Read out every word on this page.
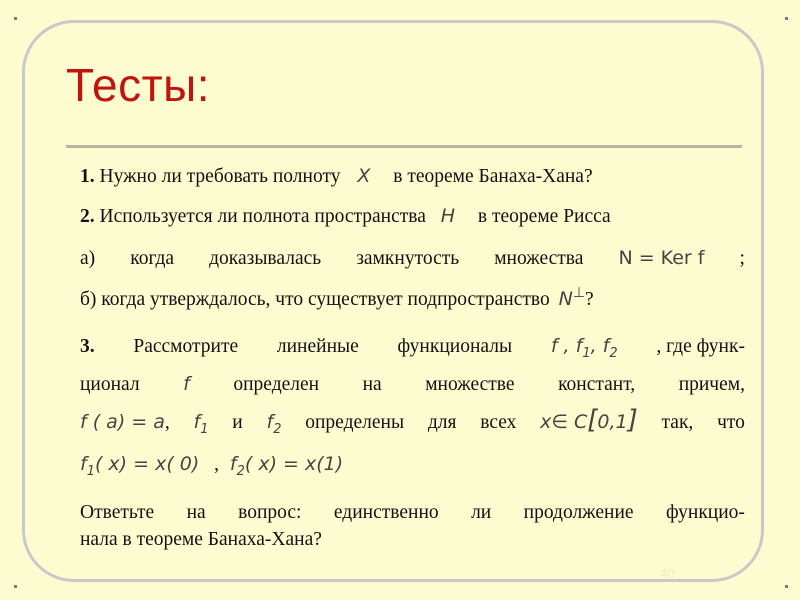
Тесты:
1. Нужно ли требовать полноту X в теореме Банаха-Хана?
2. Используется ли полнота пространства H в теореме Рисса
а) когда доказывалась замкнутость множества N = Ker f ;
б) когда утверждалось, что существует подпространство N⊥?
3. Рассмотрите линейные функционалы f , $f_1$, $f_2$ , где функ-
ционал f определен на множестве констант, причем,
f ( a) = a, $f_1$ и $f_2$ определены для всех x∈ C[0,1] так, что
$f_1$( x) = x( 0) , $f_2$( x) = x(1)
Ответьте на вопрос: единственно ли продолжение функцио-
нала в теореме Банаха-Хана?
40
